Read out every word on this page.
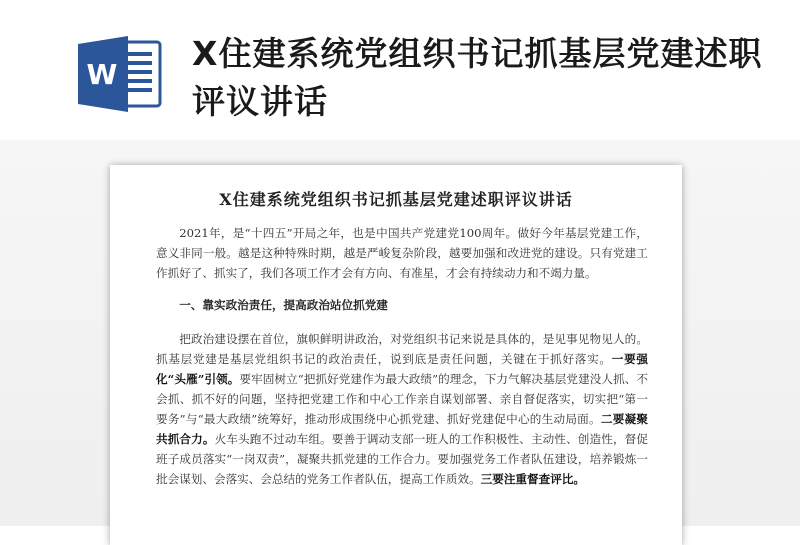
W
X住建系统党组织书记抓基层党建述职评议讲话
X住建系统党组织书记抓基层党建述职评议讲话

2021年，是“十四五”开局之年，也是中国共产党建党100周年。做好今年基层党建工作，意义非同一般。越是这种特殊时期，越是严峻复杂阶段，越要加强和改进党的建设。只有党建工作抓好了、抓实了，我们各项工作才会有方向、有准星，才会有持续动力和不竭力量。

一、靠实政治责任，提高政治站位抓党建

把政治建设摆在首位，旗帜鲜明讲政治，对党组织书记来说是具体的，是见事见物见人的。抓基层党建是基层党组织书记的政治责任，说到底是责任问题，关键在于抓好落实。一要强化“头雁”引领。要牢固树立“把抓好党建作为最大政绩”的理念，下力气解决基层党建没人抓、不会抓、抓不好的问题，坚持把党建工作和中心工作亲自谋划部署、亲自督促落实，切实把“第一要务”与“最大政绩”统筹好，推动形成围绕中心抓党建、抓好党建促中心的生动局面。二要凝聚共抓合力。火车头跑不过动车组。要善于调动支部一班人的工作积极性、主动性、创造性，督促班子成员落实“一岗双责”，凝聚共抓党建的工作合力。要加强党务工作者队伍建设，培养锻炼一批会谋划、会落实、会总结的党务工作者队伍，提高工作质效。三要注重督查评比。
